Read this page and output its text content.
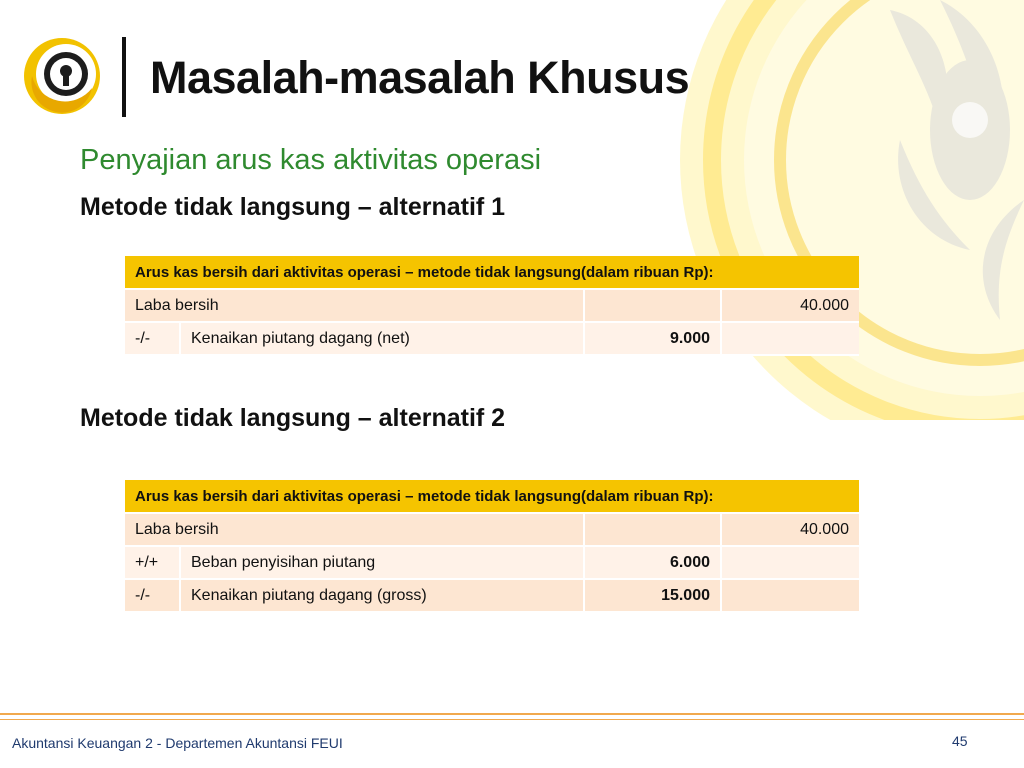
Masalah-masalah Khusus

Penyajian arus kas aktivitas operasi

Metode tidak langsung – alternatif 1

Arus kas bersih dari aktivitas operasi – metode tidak langsung(dalam ribuan Rp):			
Laba bersih			40.000
-/-	Kenaikan piutang dagang (net)	9.000	

Metode tidak langsung – alternatif 2

Arus kas bersih dari aktivitas operasi – metode tidak langsung(dalam ribuan Rp):			
Laba bersih			40.000
+/+	Beban penyisihan piutang	6.000	
-/-	Kenaikan piutang dagang (gross)	15.000	
Akuntansi Keuangan 2 - Departemen Akuntansi FEUI	45
